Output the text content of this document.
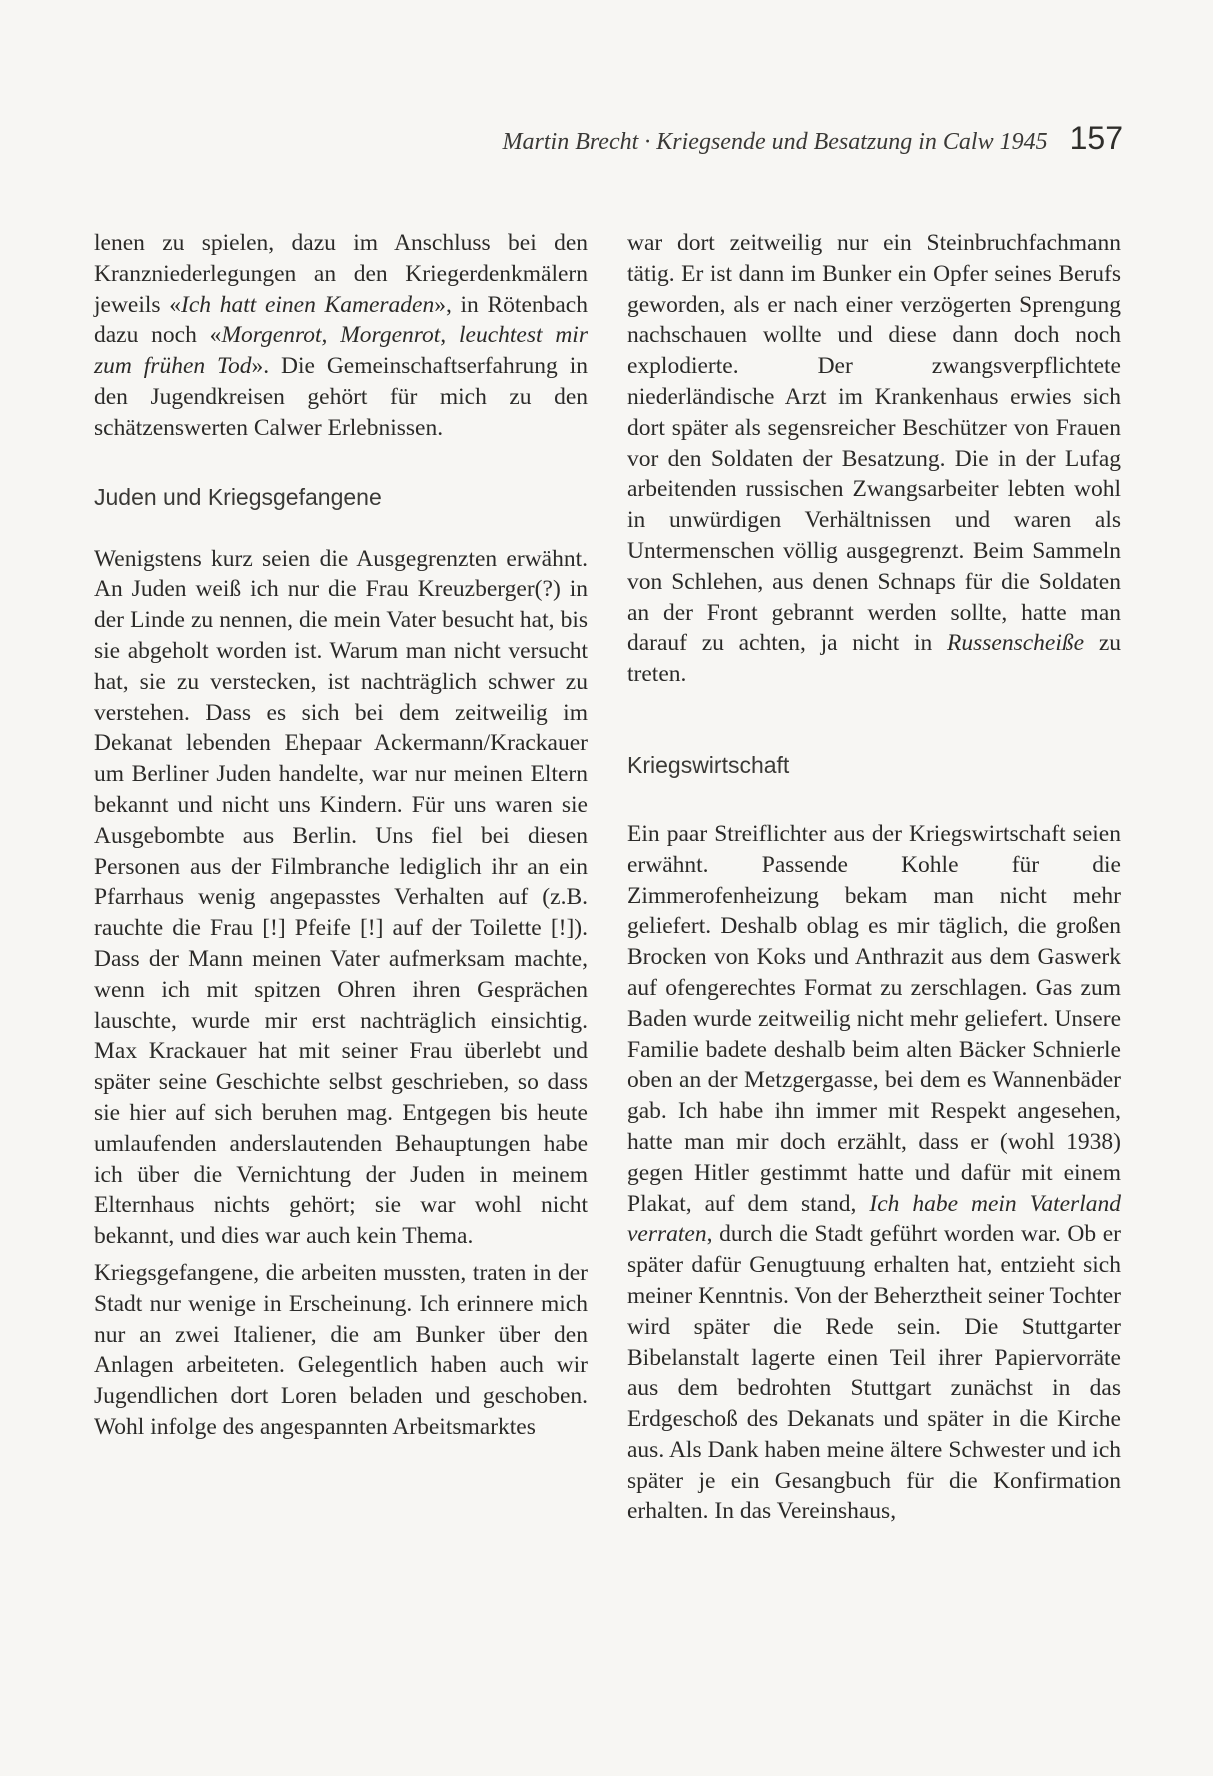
Martin Brecht · Kriegsende und Besatzung in Calw 1945 157

lenen zu spielen, dazu im Anschluss bei den Kranzniederlegungen an den Kriegerdenkmälern jeweils «Ich hatt einen Kameraden», in Rötenbach dazu noch «Morgenrot, Morgenrot, leuchtest mir zum frühen Tod». Die Gemeinschaftserfahrung in den Jugendkreisen gehört für mich zu den schätzenswerten Calwer Erlebnissen.

Juden und Kriegsgefangene

Wenigstens kurz seien die Ausgegrenzten erwähnt. An Juden weiß ich nur die Frau Kreuzberger(?) in der Linde zu nennen, die mein Vater besucht hat, bis sie abgeholt worden ist. Warum man nicht versucht hat, sie zu verstecken, ist nachträglich schwer zu verstehen. Dass es sich bei dem zeitweilig im Dekanat lebenden Ehepaar Ackermann/Krackauer um Berliner Juden handelte, war nur meinen Eltern bekannt und nicht uns Kindern. Für uns waren sie Ausgebombte aus Berlin. Uns fiel bei diesen Personen aus der Filmbranche lediglich ihr an ein Pfarrhaus wenig angepasstes Verhalten auf (z.B. rauchte die Frau [!] Pfeife [!] auf der Toilette [!]). Dass der Mann meinen Vater aufmerksam machte, wenn ich mit spitzen Ohren ihren Gesprächen lauschte, wurde mir erst nachträglich einsichtig. Max Krackauer hat mit seiner Frau überlebt und später seine Geschichte selbst geschrieben, so dass sie hier auf sich beruhen mag. Entgegen bis heute umlaufenden anderslautenden Behauptungen habe ich über die Vernichtung der Juden in meinem Elternhaus nichts gehört; sie war wohl nicht bekannt, und dies war auch kein Thema.

Kriegsgefangene, die arbeiten mussten, traten in der Stadt nur wenige in Erscheinung. Ich erinnere mich nur an zwei Italiener, die am Bunker über den Anlagen arbeiteten. Gelegentlich haben auch wir Jugendlichen dort Loren beladen und geschoben. Wohl infolge des angespannten Arbeitsmarktes

war dort zeitweilig nur ein Steinbruchfachmann tätig. Er ist dann im Bunker ein Opfer seines Berufs geworden, als er nach einer verzögerten Sprengung nachschauen wollte und diese dann doch noch explodierte. Der zwangsverpflichtete niederländische Arzt im Krankenhaus erwies sich dort später als segensreicher Beschützer von Frauen vor den Soldaten der Besatzung. Die in der Lufag arbeitenden russischen Zwangsarbeiter lebten wohl in unwürdigen Verhältnissen und waren als Untermenschen völlig ausgegrenzt. Beim Sammeln von Schlehen, aus denen Schnaps für die Soldaten an der Front gebrannt werden sollte, hatte man darauf zu achten, ja nicht in Russenscheiße zu treten.

Kriegswirtschaft

Ein paar Streiflichter aus der Kriegswirtschaft seien erwähnt. Passende Kohle für die Zimmerofenheizung bekam man nicht mehr geliefert. Deshalb oblag es mir täglich, die großen Brocken von Koks und Anthrazit aus dem Gaswerk auf ofengerechtes Format zu zerschlagen. Gas zum Baden wurde zeitweilig nicht mehr geliefert. Unsere Familie badete deshalb beim alten Bäcker Schnierle oben an der Metzgergasse, bei dem es Wannenbäder gab. Ich habe ihn immer mit Respekt angesehen, hatte man mir doch erzählt, dass er (wohl 1938) gegen Hitler gestimmt hatte und dafür mit einem Plakat, auf dem stand, Ich habe mein Vaterland verraten, durch die Stadt geführt worden war. Ob er später dafür Genugtuung erhalten hat, entzieht sich meiner Kenntnis. Von der Beherztheit seiner Tochter wird später die Rede sein. Die Stuttgarter Bibelanstalt lagerte einen Teil ihrer Papiervorräte aus dem bedrohten Stuttgart zunächst in das Erdgeschoß des Dekanats und später in die Kirche aus. Als Dank haben meine ältere Schwester und ich später je ein Gesangbuch für die Konfirmation erhalten. In das Vereinshaus,
